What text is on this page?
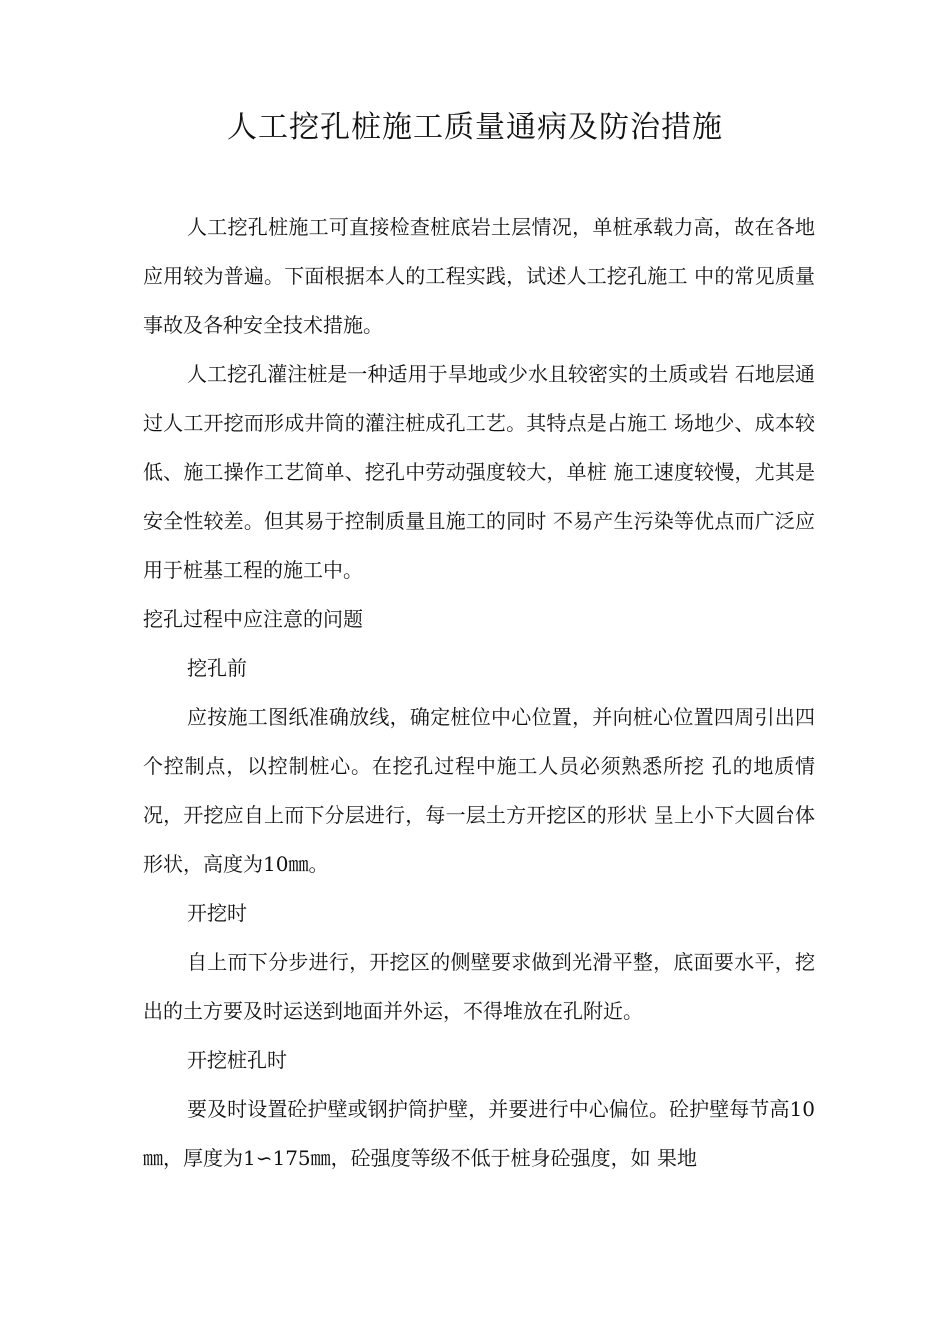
人工挖孔桩施工质量通病及防治措施

人工挖孔桩施工可直接检查桩底岩土层情况，单桩承载力高，故在各地应用较为普遍。下面根据本人的工程实践，试述人工挖孔施工 中的常见质量事故及各种安全技术措施。

人工挖孔灌注桩是一种适用于旱地或少水且较密实的土质或岩 石地层通过人工开挖而形成井筒的灌注桩成孔工艺。其特点是占施工 场地少、成本较低、施工操作工艺简单、挖孔中劳动强度较大，单桩 施工速度较慢，尤其是安全性较差。但其易于控制质量且施工的同时 不易产生污染等优点而广泛应用于桩基工程的施工中。

挖孔过程中应注意的问题

挖孔前

应按施工图纸准确放线，确定桩位中心位置，并向桩心位置四周引出四个控制点，以控制桩心。在挖孔过程中施工人员必须熟悉所挖 孔的地质情况，开挖应自上而下分层进行，每一层土方开挖区的形状 呈上小下大圆台体形状，高度为10㎜。

开挖时

自上而下分步进行，开挖区的侧壁要求做到光滑平整，底面要水平，挖出的土方要及时运送到地面并外运，不得堆放在孔附近。

开挖桩孔时

要及时设置砼护壁或钢护筒护壁，并要进行中心偏位。砼护壁每节高10㎜，厚度为1∽175㎜，砼强度等级不低于桩身砼强度，如 果地
